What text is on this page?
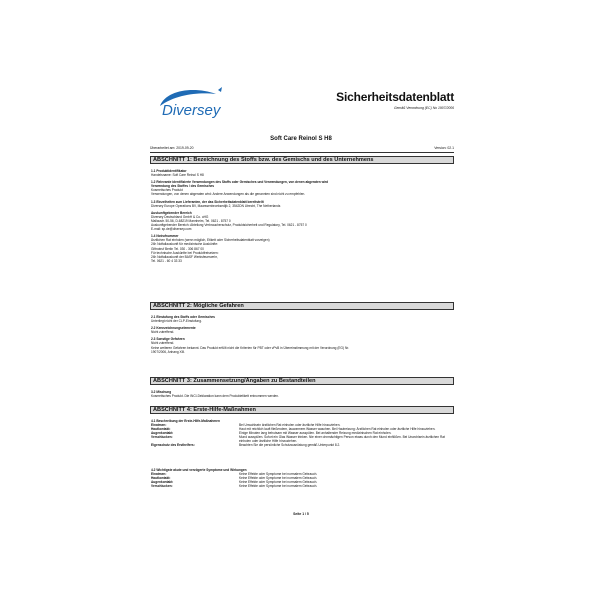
Diversey
Sicherheitsdatenblatt
Gemäß Verordnung (EC) No 1907/2006
Soft Care Reinol S H8
Überarbeitet am: 2019-09-20	Version: 02.1
ABSCHNITT 1: Bezeichnung des Stoffs bzw. des Gemischs und des Unternehmens

1.1 Produktidentifikator

Handelsname: Soft Care Reinol S H8

1.2 Relevante identifizierte Verwendungen des Stoffs oder Gemisches und Verwendungen, von denen abgeraten wird

Verwendung des Stoffes / des Gemisches

Kosmetisches Produkt

Verwendungen, von denen abgeraten wird: Andere Anwendungen als die genannten sind nicht zu empfehlen.

1.3 Einzelheiten zum Lieferanten, der das Sicherheitsdatenblatt bereitstellt

Diversey Europe Operations BV, Maarssenbroeksedijk 2, 3542DN Utrecht, The Netherlands

Auskunftgebender Bereich

Diversey Deutschland GmbH & Co. oHG

Mallaustr. 50-56, D-68219 Mannheim, Tel. 0621 - 8757 0

Auskunftgebender Bereich: Abteilung Verbraucherschutz, Produktsicherheit und Regulatory, Tel. 0621 - 8757 0

E-mail: sp.de@diversey.com

1.4 Notrufnummer

Ärztlichen Rat einholen (wenn möglich, Etikett oder Sicherheitsdatenblatt vorzeigen)

24h Notfallauskunft für medizinische Auskünfte:

Giftnotruf Berlin Tel. 030 - 306 867 00

Für technische Auskünfte bei Produktfreisetzen:

24h Notfallauskunft der BASF Werksfeuerwehr,

Tel. 0621 - 60 4 33 33

ABSCHNITT 2: Mögliche Gefahren

2.1 Einstufung des Stoffs oder Gemisches

Unterliegt nicht der CLP-Einstufung.

2.2 Kennzeichnungselemente

Nicht zutreffend.

2.3 Sonstige Gefahren

Nicht zutreffend.

Keine weiteren Gefahren bekannt. Das Produkt erfüllt nicht die Kriterien für PBT oder vPvB in Übereinstimmung mit der Verordnung (EG) Nr.

1907/2006, Anhang XIII.

ABSCHNITT 3: Zusammensetzung/Angaben zu Bestandteilen

3.2 Mischung

Kosmetisches Produkt. Die INCI-Deklaration kann dem Produktetikett entnommen werden.

ABSCHNITT 4: Erste-Hilfe-Maßnahmen

4.1 Beschreibung der Erste-Hilfe-Maßnahmen

Einatmen:	Bei Unwohlsein ärztlichen Rat einholen oder ärztliche Hilfe hinzuziehen.
Hautkontakt:	Haut mit reichlich lauft fließendem, lauwarmem Wasser waschen. Bei Hautreizung: Ärztlichen Rat einholen oder ärztliche Hilfe hinzuziehen.
Augenkontakt:	Einige Minuten lang behutsam mit Wasser ausspülen. Bei anhaltender Reizung medizinischen Rat einholen.
Verschlucken:	Mund ausspülen. Sofort ein Glas Wasser trinken. Nie einer ohnmächtigen Person etwas durch den Mund einflößen. Bei Unwohlsein ärztlichen Rat einholen oder ärztliche Hilfe hinzuziehen.
Eigenschutz des Ersthelfers:	Beachten Sie die persönliche Schutzausrüstung gemäß Unterpunkt 8.2.

4.2 Wichtigste akute und verzögerte Symptome und Wirkungen

Einatmen:	Keine Effekte oder Symptome bei normalem Gebrauch.
Hautkontakt:	Keine Effekte oder Symptome bei normalem Gebrauch.
Augenkontakt:	Keine Effekte oder Symptome bei normalem Gebrauch.
Verschlucken:	Keine Effekte oder Symptome bei normalem Gebrauch.
Seite 1 / 5
